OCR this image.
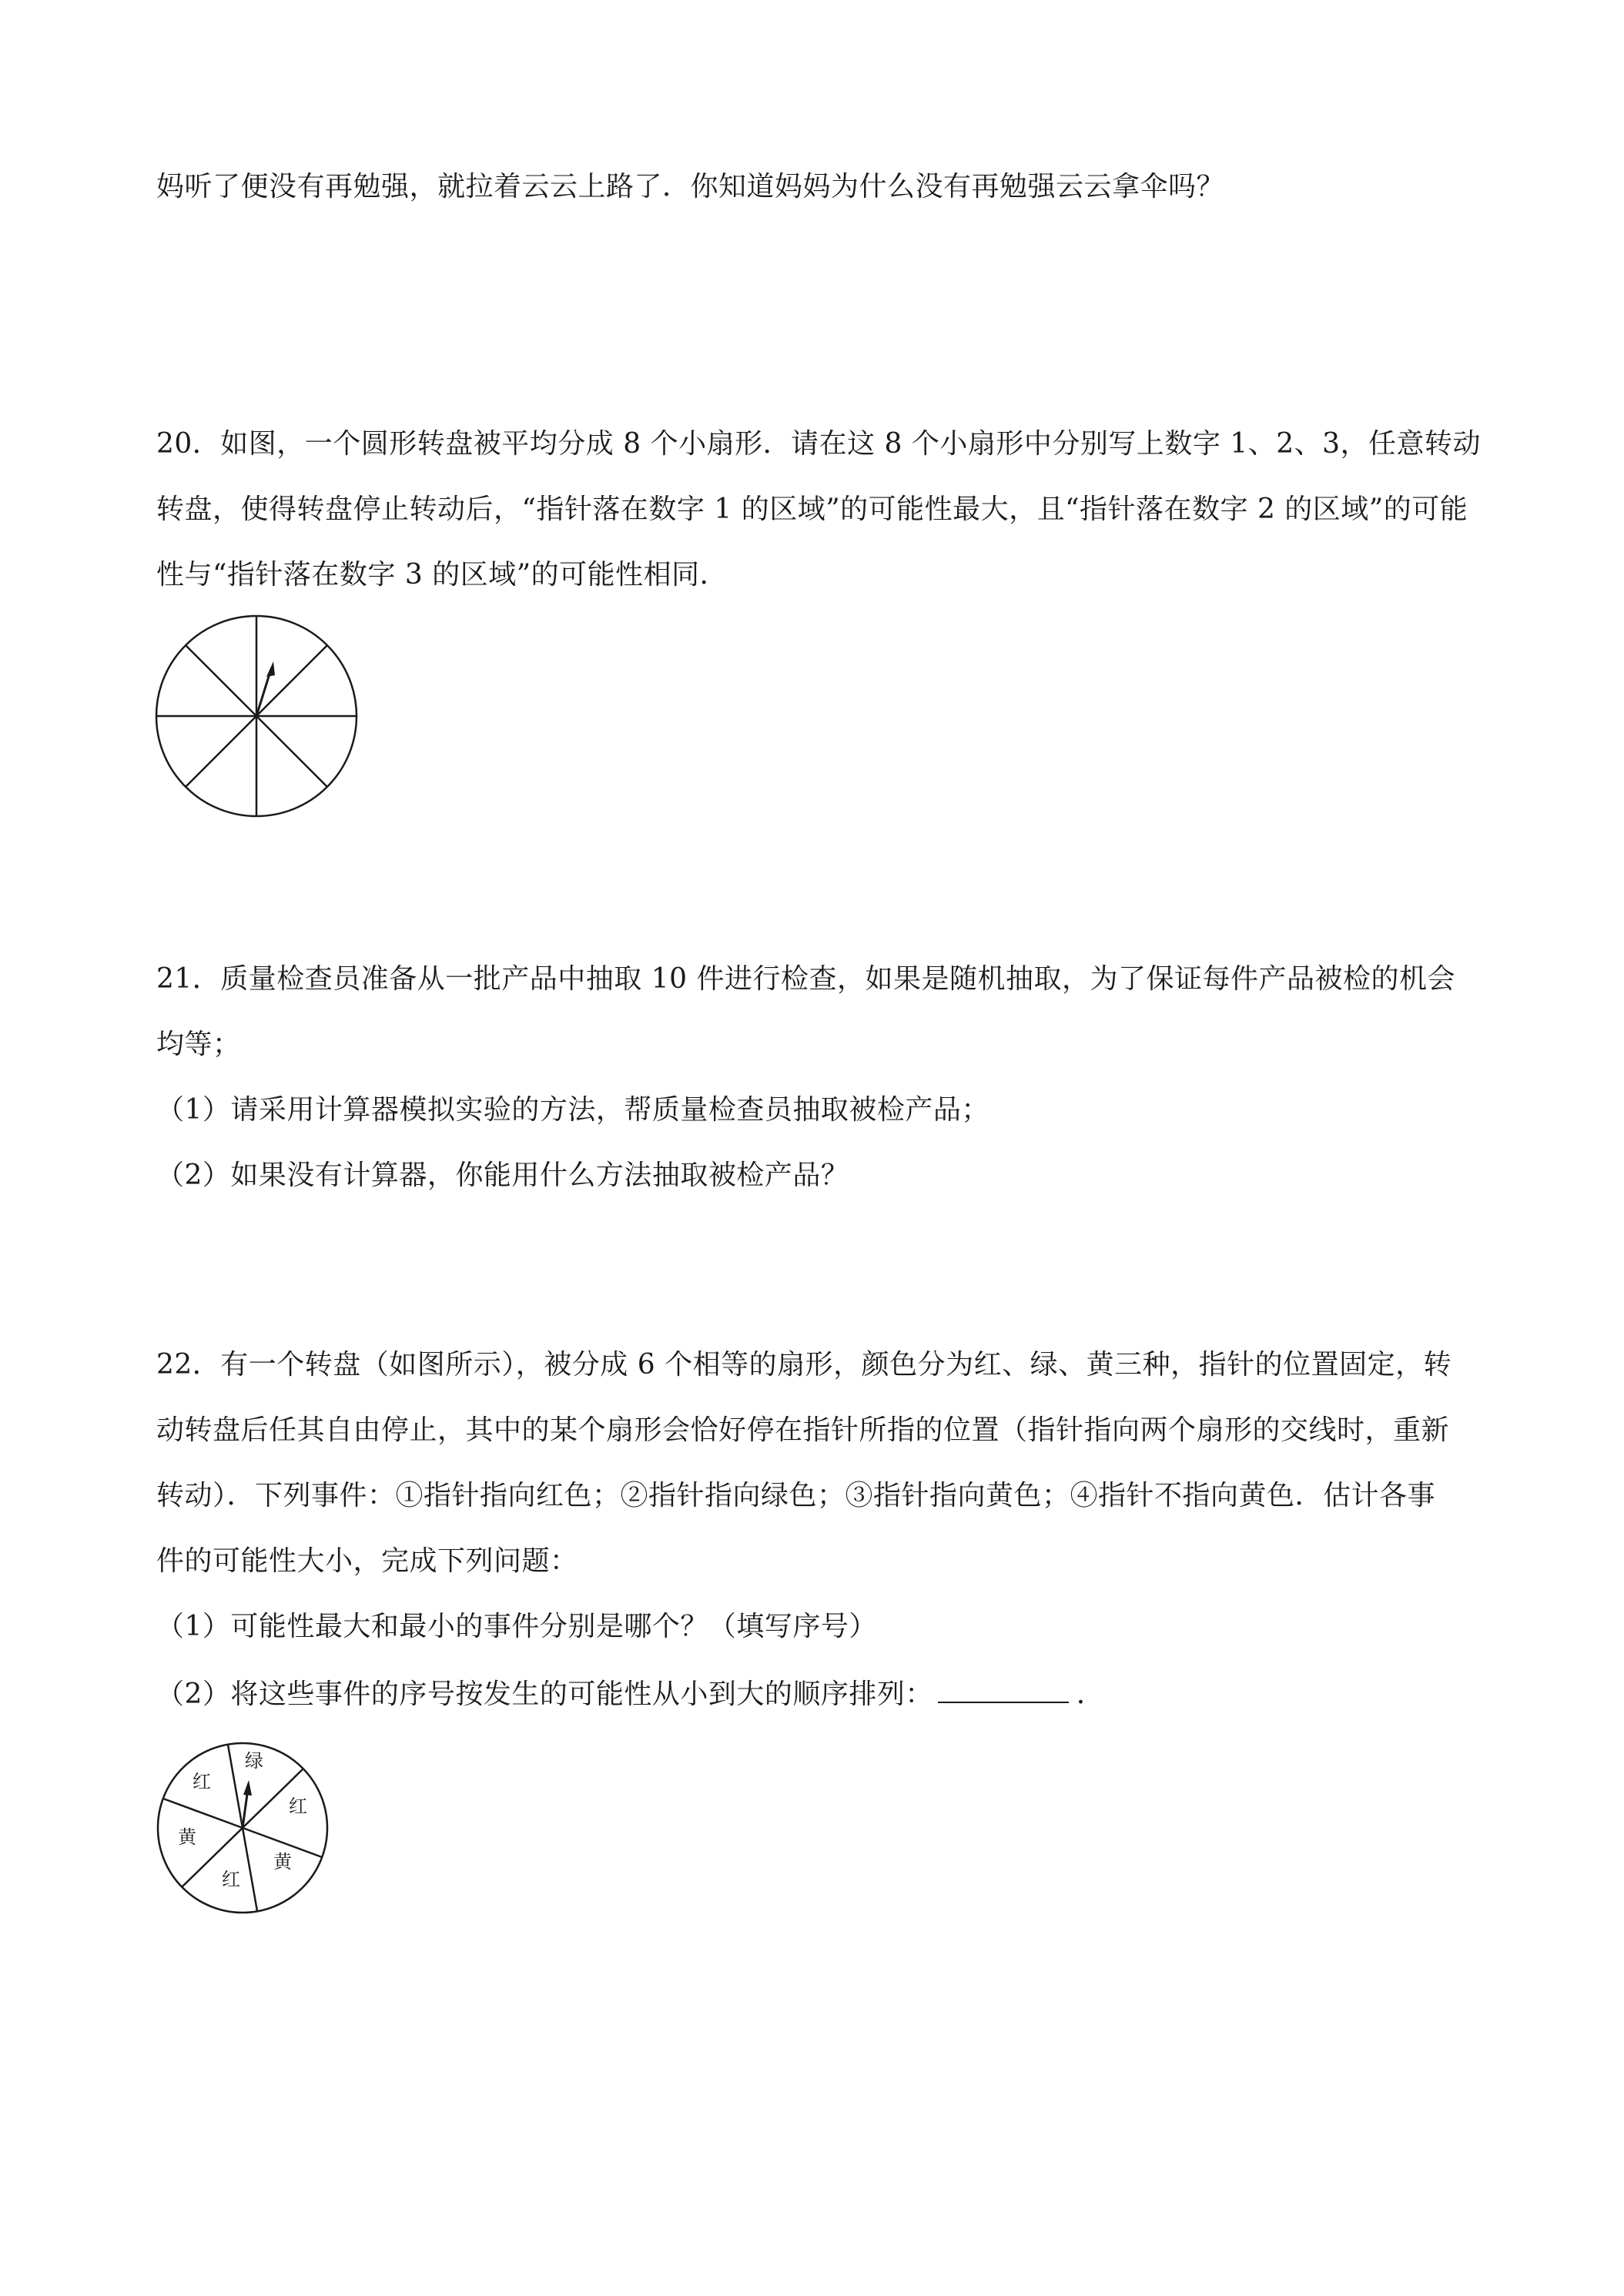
妈听了便没有再勉强，就拉着云云上路了．你知道妈妈为什么没有再勉强云云拿伞吗？
20．如图，一个圆形转盘被平均分成 8 个小扇形．请在这 8 个小扇形中分别写上数字 1、2、3，任意转动
转盘，使得转盘停止转动后，“指针落在数字 1 的区域”的可能性最大，且“指针落在数字 2 的区域”的可能
性与“指针落在数字 3 的区域”的可能性相同．
21．质量检查员准备从一批产品中抽取 10 件进行检查，如果是随机抽取，为了保证每件产品被检的机会
均等；
（1）请采用计算器模拟实验的方法，帮质量检查员抽取被检产品；
（2）如果没有计算器，你能用什么方法抽取被检产品？
22．有一个转盘（如图所示），被分成 6 个相等的扇形，颜色分为红、绿、黄三种，指针的位置固定，转
动转盘后任其自由停止，其中的某个扇形会恰好停在指针所指的位置（指针指向两个扇形的交线时，重新
转动）．下列事件：①指针指向红色；②指针指向绿色；③指针指向黄色；④指针不指向黄色．估计各事
件的可能性大小，完成下列问题：
（1）可能性最大和最小的事件分别是哪个？（填写序号）
（2）将这些事件的序号按发生的可能性从小到大的顺序排列：	．
绿
红
黄
红
黄
红
